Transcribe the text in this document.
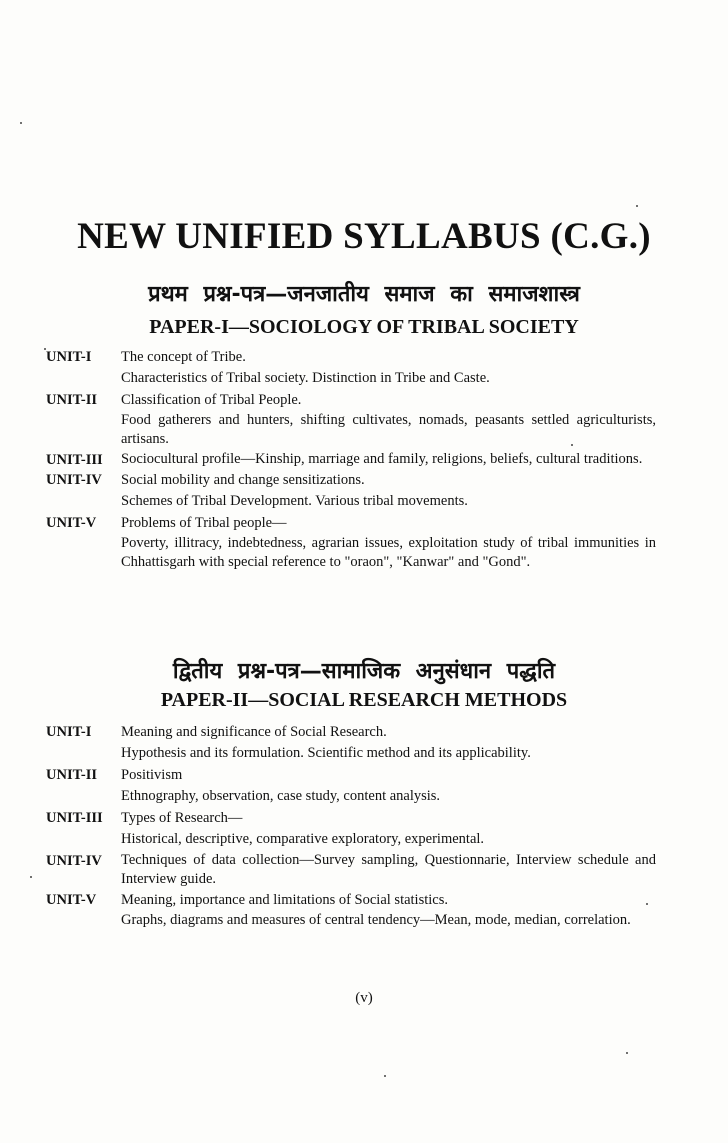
NEW UNIFIED SYLLABUS (C.G.)
प्रथम प्रश्न-पत्र—जनजातीय समाज का समाजशास्त्र
PAPER-I—SOCIOLOGY OF TRIBAL SOCIETY
UNIT-I	The concept of Tribe.
Characteristics of Tribal society. Distinction in Tribe and Caste.
UNIT-II	Classification of Tribal People.
Food gatherers and hunters, shifting cultivates, nomads, peasants settled agriculturists, artisans.
UNIT-III	Sociocultural profile—Kinship, marriage and family, religions, beliefs, cultural traditions.
UNIT-IV	Social mobility and change sensitizations.
Schemes of Tribal Development. Various tribal movements.
UNIT-V	Problems of Tribal people—
Poverty, illitracy, indebtedness, agrarian issues, exploitation study of tribal immunities in Chhattisgarh with special reference to "oraon", "Kanwar" and "Gond".
द्वितीय प्रश्न-पत्र—सामाजिक अनुसंधान पद्धति
PAPER-II—SOCIAL RESEARCH METHODS
UNIT-I	Meaning and significance of Social Research.
Hypothesis and its formulation. Scientific method and its applicability.
UNIT-II	Positivism
Ethnography, observation, case study, content analysis.
UNIT-III	Types of Research—
Historical, descriptive, comparative exploratory, experimental.
UNIT-IV	Techniques of data collection—Survey sampling, Questionnarie, Interview schedule and Interview guide.
UNIT-V	Meaning, importance and limitations of Social statistics.
Graphs, diagrams and measures of central tendency—Mean, mode, median, correlation.
(v)
